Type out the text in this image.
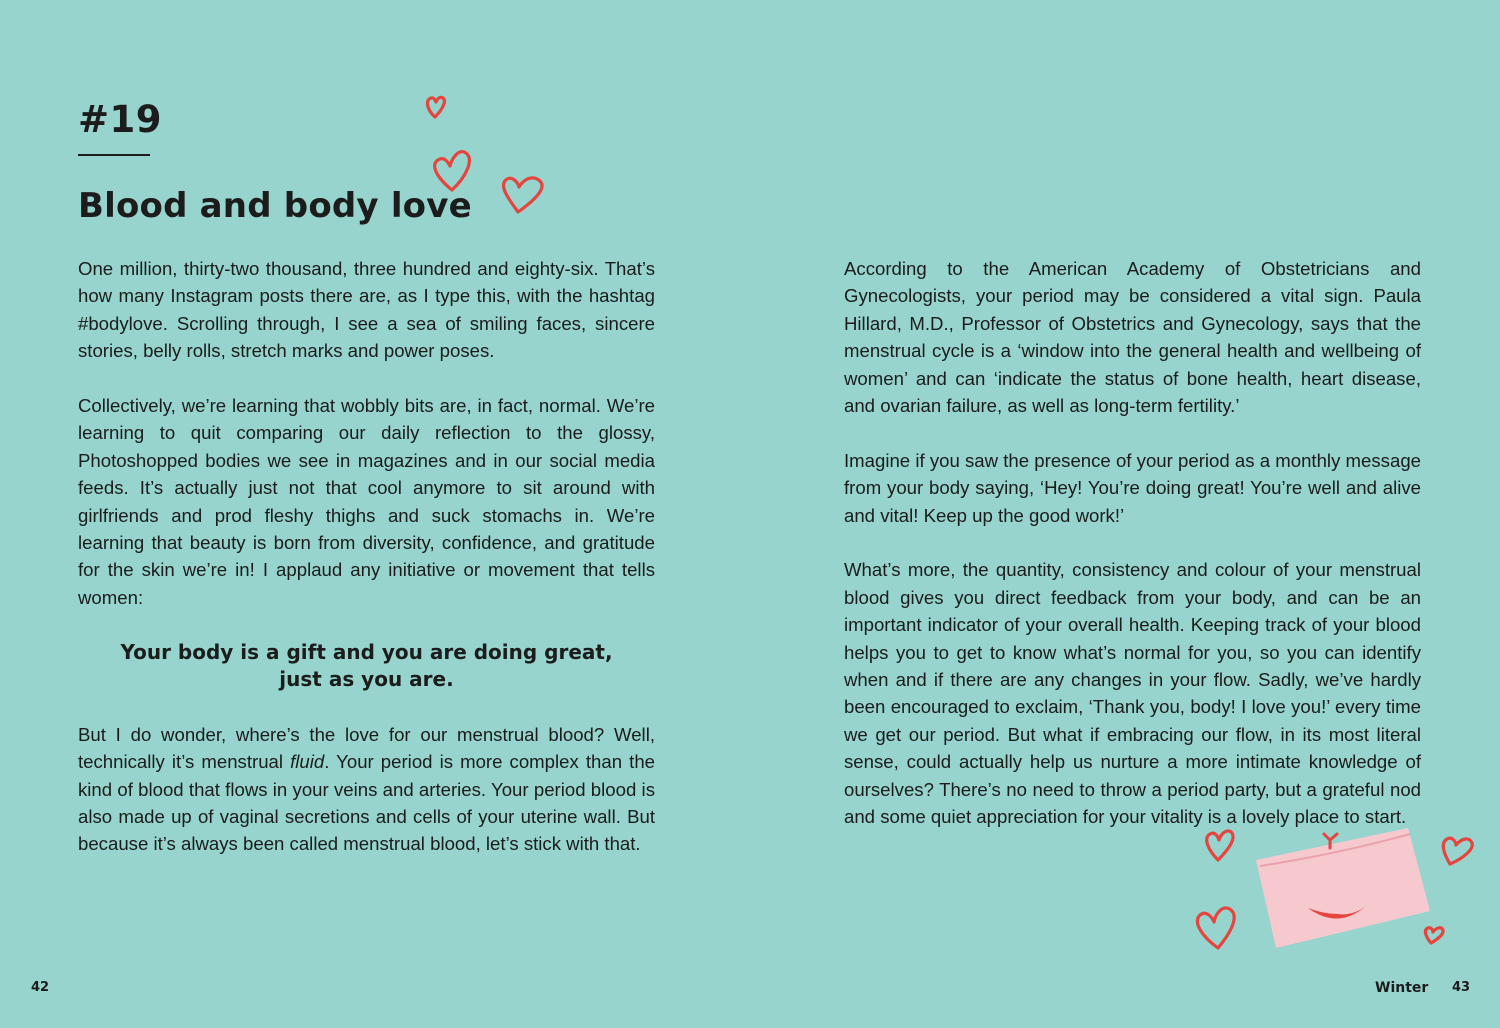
#19
Blood and body love

One million, thirty-two thousand, three hundred and eighty-six. That’s how many Instagram posts there are, as I type this, with the hashtag #bodylove. Scrolling through, I see a sea of smiling faces, sincere stories, belly rolls, stretch marks and power poses.

Collectively, we’re learning that wobbly bits are, in fact, normal. We’re learning to quit comparing our daily reflection to the glossy, Photoshopped bodies we see in magazines and in our social media feeds. It’s actually just not that cool anymore to sit around with girlfriends and prod fleshy thighs and suck stomachs in. We’re learning that beauty is born from diversity, confidence, and gratitude for the skin we’re in! I applaud any initiative or movement that tells women:

Your body is a gift and you are doing great,
just as you are.

But I do wonder, where’s the love for our menstrual blood? Well, technically it’s menstrual fluid. Your period is more complex than the kind of blood that flows in your veins and arteries. Your period blood is also made up of vaginal secretions and cells of your uterine wall. But because it’s always been called menstrual blood, let’s stick with that.

42

According to the American Academy of Obstetricians and Gynecologists, your period may be considered a vital sign. Paula Hillard, M.D., Professor of Obstetrics and Gynecology, says that the menstrual cycle is a ‘window into the general health and wellbeing of women’ and can ‘indicate the status of bone health, heart disease, and ovarian failure, as well as long-term fertility.’

Imagine if you saw the presence of your period as a monthly message from your body saying, ‘Hey! You’re doing great! You’re well and alive and vital! Keep up the good work!’

What’s more, the quantity, consistency and colour of your menstrual blood gives you direct feedback from your body, and can be an important indicator of your overall health. Keeping track of your blood helps you to get to know what’s normal for you, so you can identify when and if there are any changes in your flow. Sadly, we’ve hardly been encouraged to exclaim, ‘Thank you, body! I love you!’ every time we get our period. But what if embracing our flow, in its most literal sense, could actually help us nurture a more intimate knowledge of ourselves? There’s no need to throw a period party, but a grateful nod and some quiet appreciation for your vitality is a lovely place to start.

Winter 43
